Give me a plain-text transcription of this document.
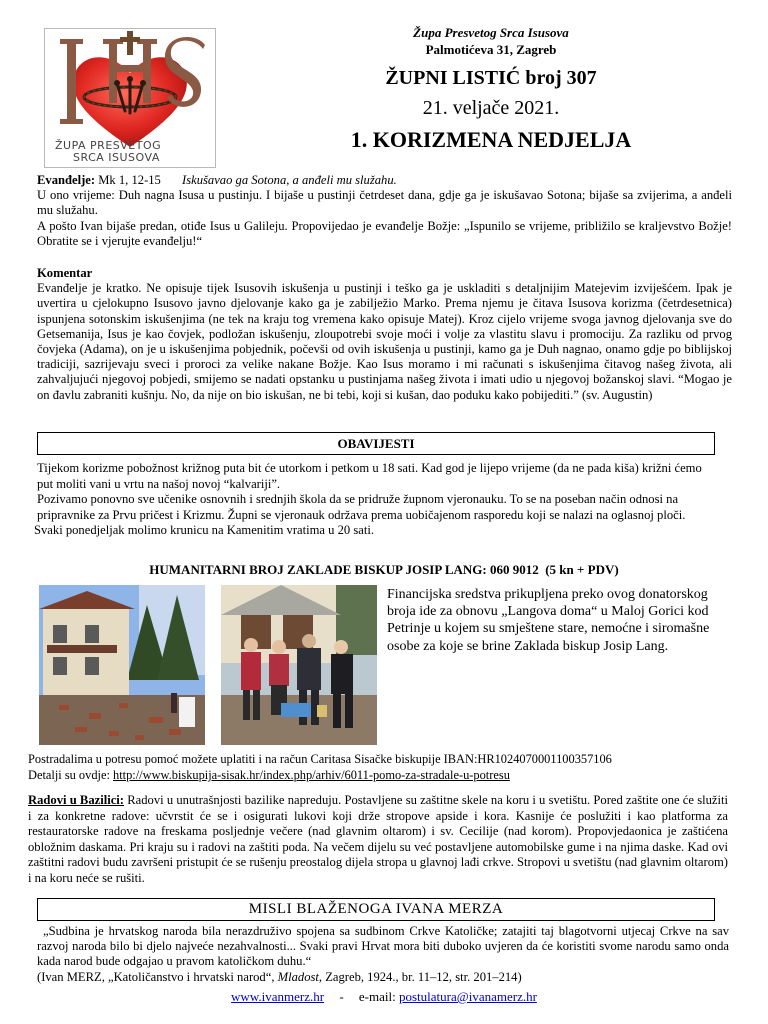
ŽUPA PRESVETOG
SRCA ISUSOVA
Župa Presvetog Srca Isusova
Palmotićeva 31, Zagreb
ŽUPNI LISTIĆ broj 307
21. veljače 2021.
1. KORIZMENA NEDJELJA
Evanđelje: Mk 1, 12-15 Iskušavao ga Sotona, a anđeli mu služahu.
U ono vrijeme: Duh nagna Isusa u pustinju. I bijaše u pustinji četrdeset dana, gdje ga je iskušavao Sotona; bijaše sa zvijerima, a anđeli mu služahu.
A pošto Ivan bijaše predan, otiđe Isus u Galileju. Propovijedao je evanđelje Božje: „Ispunilo se vrijeme, približilo se kraljevstvo Božje! Obratite se i vjerujte evanđelju!“
Komentar
Evanđelje je kratko. Ne opisuje tijek Isusovih iskušenja u pustinji i teško ga je uskladiti s detaljnijim Matejevim izviješćem. Ipak je uvertira u cjelokupno Isusovo javno djelovanje kako ga je zabilježio Marko. Prema njemu je čitava Isusova korizma (četrdesetnica) ispunjena sotonskim iskušenjima (ne tek na kraju tog vremena kako opisuje Matej). Kroz cijelo vrijeme svoga javnog djelovanja sve do Getsemanija, Isus je kao čovjek, podložan iskušenju, zloupotrebi svoje moći i volje za vlastitu slavu i promociju. Za razliku od prvog čovjeka (Adama), on je u iskušenjima pobjednik, počevši od ovih iskušenja u pustinji, kamo ga je Duh nagnao, onamo gdje po biblijskoj tradiciji, sazrijevaju sveci i proroci za velike nakane Božje. Kao Isus moramo i mi računati s iskušenjima čitavog našeg života, ali zahvaljujući njegovoj pobjedi, smijemo se nadati opstanku u pustinjama našeg života i imati udio u njegovoj božanskoj slavi. “Mogao je on đavlu zabraniti kušnju. No, da nije on bio iskušan, ne bi tebi, koji si kušan, dao poduku kako pobijediti.” (sv. Augustin)
OBAVIJESTI
Tijekom korizme pobožnost križnog puta bit će utorkom i petkom u 18 sati. Kad god je lijepo vrijeme (da ne pada kiša) križni ćemo put moliti vani u vrtu na našoj novoj “kalvariji”.
Pozivamo ponovno sve učenike osnovnih i srednjih škola da se pridruže župnom vjeronauku. To se na poseban način odnosi na pripravnike za Prvu pričest i Krizmu. Župni se vjeronauk održava prema uobičajenom rasporedu koji se nalazi na oglasnoj ploči.
Svaki ponedjeljak molimo krunicu na Kamenitim vratima u 20 sati.
HUMANITARNI BROJ ZAKLADE BISKUP JOSIP LANG: 060 9012  (5 kn + PDV)
Financijska sredstva prikupljena preko ovog donatorskog broja ide za obnovu „Langova doma“ u Maloj Gorici kod Petrinje u kojem su smještene stare, nemoćne i siromašne osobe za koje se brine Zaklada biskup Josip Lang.
Postradalima u potresu pomoć možete uplatiti i na račun Caritasa Sisačke biskupije IBAN:HR1024070001100357106
Detalji su ovdje: http://www.biskupija-sisak.hr/index.php/arhiv/6011-pomo-za-stradale-u-potresu
Radovi u Bazilici: Radovi u unutrašnjosti bazilike napreduju. Postavljene su zaštitne skele na koru i u svetištu. Pored zaštite one će služiti i za konkretne radove: učvrstit će se i osigurati lukovi koji drže stropove apside i kora. Kasnije će poslužiti i kao platforma za restauratorske radove na freskama posljednje večere (nad glavnim oltarom) i sv. Cecilije (nad korom). Propovjedaonica je zaštićena obložnim daskama. Pri kraju su i radovi na zaštiti poda. Na večem dijelu su već postavljene automobilske gume i na njima daske. Kad ovi zaštitni radovi budu završeni pristupit će se rušenju preostalog dijela stropa u glavnoj lađi crkve. Stropovi u svetištu (nad glavnim oltarom) i na koru neće se rušiti.
MISLI BLAŽENOGA IVANA MERZA
„Sudbina je hrvatskog naroda bila nerazdruživo spojena sa sudbinom Crkve Katoličke; zatajiti taj blagotvorni utjecaj Crkve na sav razvoj naroda bilo bi djelo najveće nezahvalnosti... Svaki pravi Hrvat mora biti duboko uvjeren da će koristiti svome narodu samo onda kada narod bude odgajao u pravom katoličkom duhu.“
(Ivan MERZ, „Katoličanstvo i hrvatski narod“, Mladost, Zagreb, 1924., br. 11–12, str. 201–214)
www.ivanmerz.hr - e-mail: postulatura@ivanamerz.hr
